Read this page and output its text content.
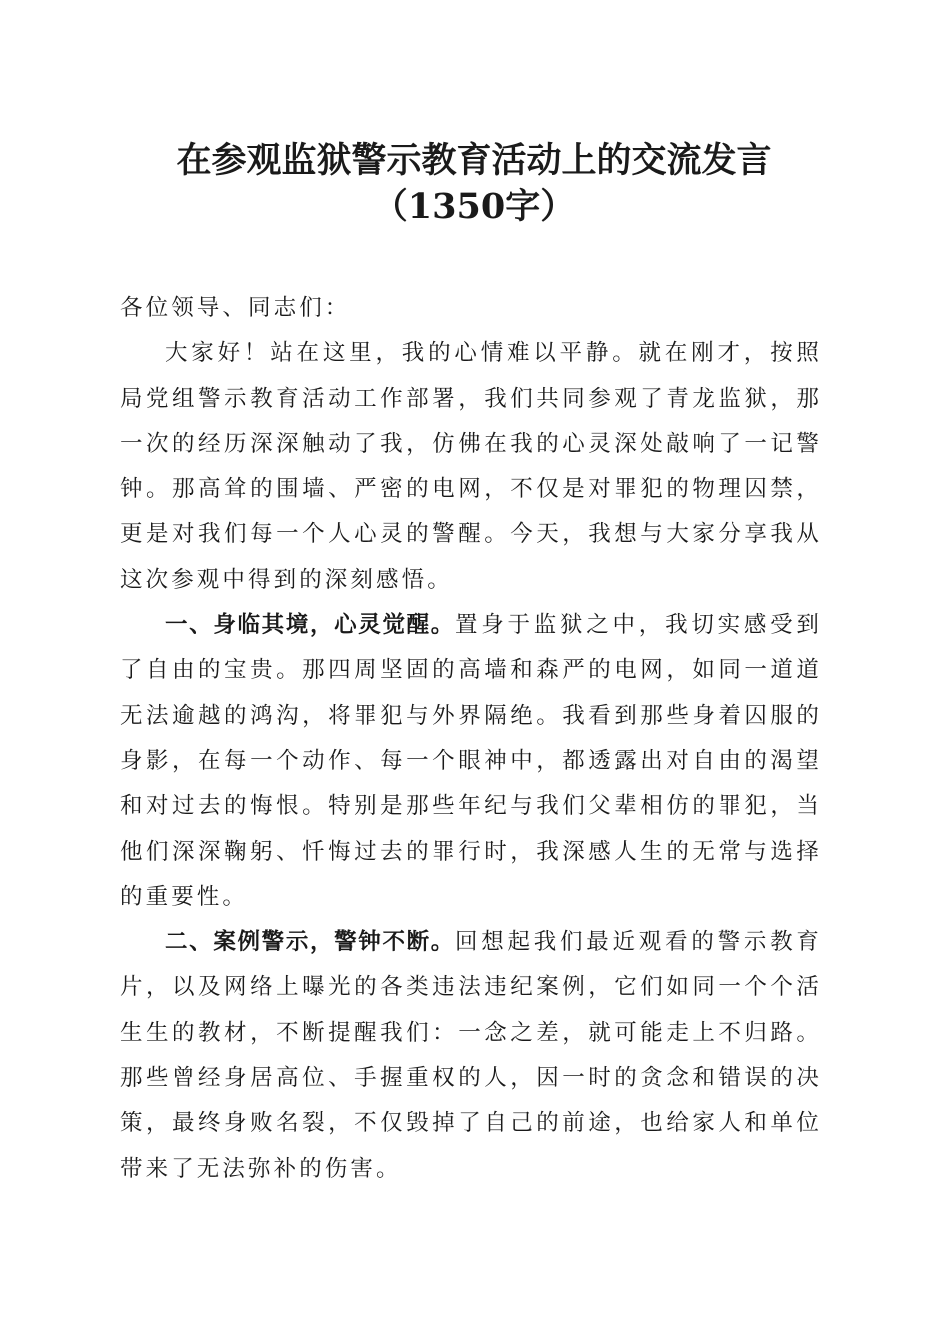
在参观监狱警示教育活动上的交流发言（1350字）

各位领导、同志们：

大家好！站在这里，我的心情难以平静。就在刚才，按照局党组警示教育活动工作部署，我们共同参观了青龙监狱，那一次的经历深深触动了我，仿佛在我的心灵深处敲响了一记警钟。那高耸的围墙、严密的电网，不仅是对罪犯的物理囚禁，更是对我们每一个人心灵的警醒。今天，我想与大家分享我从这次参观中得到的深刻感悟。

一、身临其境，心灵觉醒。置身于监狱之中，我切实感受到了自由的宝贵。那四周坚固的高墙和森严的电网，如同一道道无法逾越的鸿沟，将罪犯与外界隔绝。我看到那些身着囚服的身影，在每一个动作、每一个眼神中，都透露出对自由的渴望和对过去的悔恨。特别是那些年纪与我们父辈相仿的罪犯，当他们深深鞠躬、忏悔过去的罪行时，我深感人生的无常与选择的重要性。

二、案例警示，警钟不断。回想起我们最近观看的警示教育片，以及网络上曝光的各类违法违纪案例，它们如同一个个活生生的教材，不断提醒我们：一念之差，就可能走上不归路。那些曾经身居高位、手握重权的人，因一时的贪念和错误的决策，最终身败名裂，不仅毁掉了自己的前途，也给家人和单位带来了无法弥补的伤害。
